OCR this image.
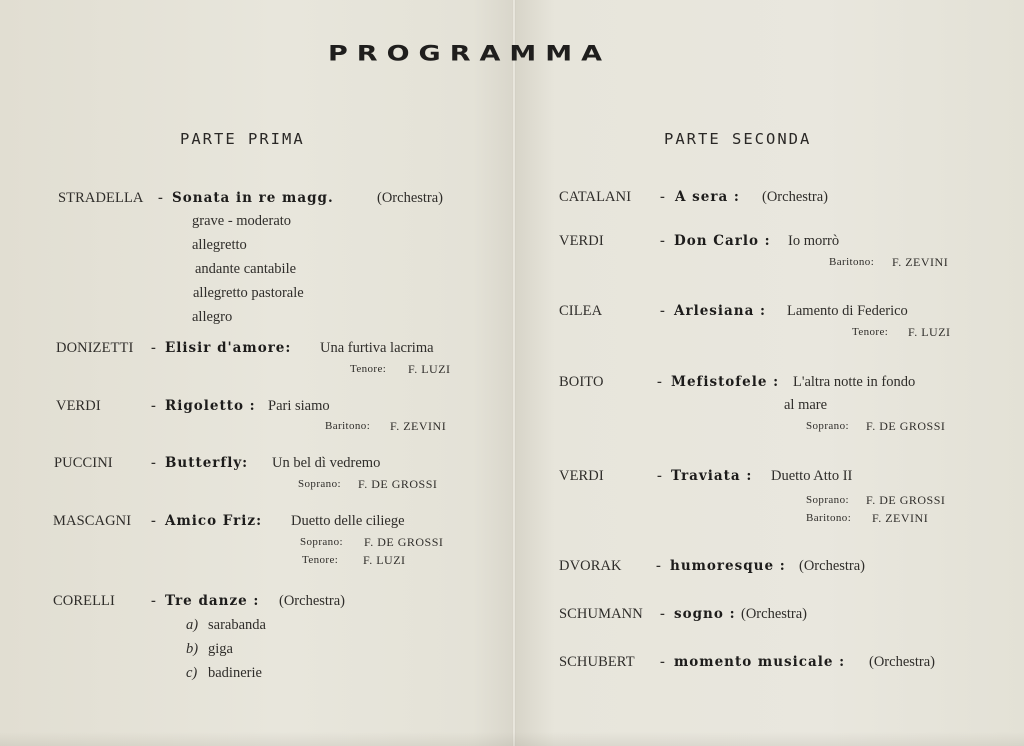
PROGRAMMA
PARTE PRIMA	PARTE SECONDA
STRADELLA - Sonata in re magg.	(Orchestra)
grave - moderato
allegretto
andante cantabile
allegretto pastorale
allegro
DONIZETTI - Elisir d'amore: Una furtiva lacrima
Tenore: F. LUZI
VERDI	- Rigoletto : Pari siamo
Baritono: F. ZEVINI
PUCCINI	- Butterfly: Un bel dì vedremo
Soprano: F. DE GROSSI
MASCAGNI - Amico Friz: Duetto delle ciliege
Soprano: F. DE GROSSI
Tenore: F. LUZI
CORELLI - Tre danze : (Orchestra)
a) sarabanda
b) giga
c) badinerie
CATALANI - A sera : (Orchestra)
VERDI	- Don Carlo : Io morrò
Baritono: F. ZEVINI
CILEA	- Arlesiana : Lamento di Federico
Tenore: F. LUZI
BOITO	- Mefistofele : L'altra notte in fondo
al mare
Soprano: F. DE GROSSI
VERDI	- Traviata : Duetto Atto II
Soprano: F. DE GROSSI
Baritono: F. ZEVINI
DVORAK - humoresque : (Orchestra)
SCHUMANN - sogno : (Orchestra)
SCHUBERT - momento musicale : (Orchestra)
